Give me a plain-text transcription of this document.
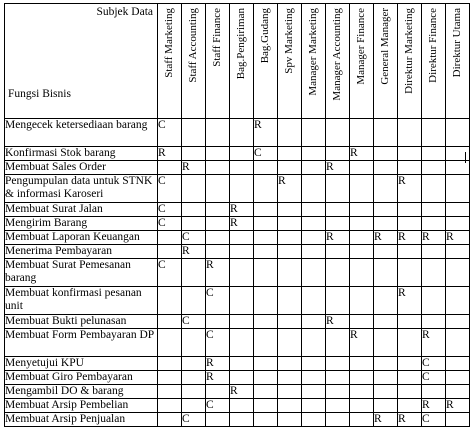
Subjek Data
Fungsi Bisnis	Staff Marketing	Staff Accounting	Staff Finance	Bag.Pengiriman	Bag.Gudang	Spv Marketing	Manager Marketing	Manager Accounting	Manager Finance	General Manager	Direktur Marketing	Direktur Finance	Direktur Utama

Mengecek ketersediaan barang	C				R								
Konfirmasi Stok barang	R				C				R				
Membuat Sales Order		R						R					
Pengumpulan data untuk STNK & informasi Karoseri	C					R					R		
Membuat Surat Jalan	C			R									
Mengirim Barang	C			R									
Membuat Laporan Keuangan		C						R		R	R	R	R
Menerima Pembayaran		R											
Membuat Surat Pemesanan barang	C		R										
Membuat konfirmasi pesanan unit			C								R		
Membuat Bukti pelunasan		C						R					
Membuat Form Pembayaran DP			C						R			R	
Menyetujui KPU			R									C	
Membuat Giro Pembayaran			R									C	
Mengambil DO & barang				R									
Membuat Arsip Pembelian			C									R	R
Membuat Arsip Penjualan		C								R	R	C	
